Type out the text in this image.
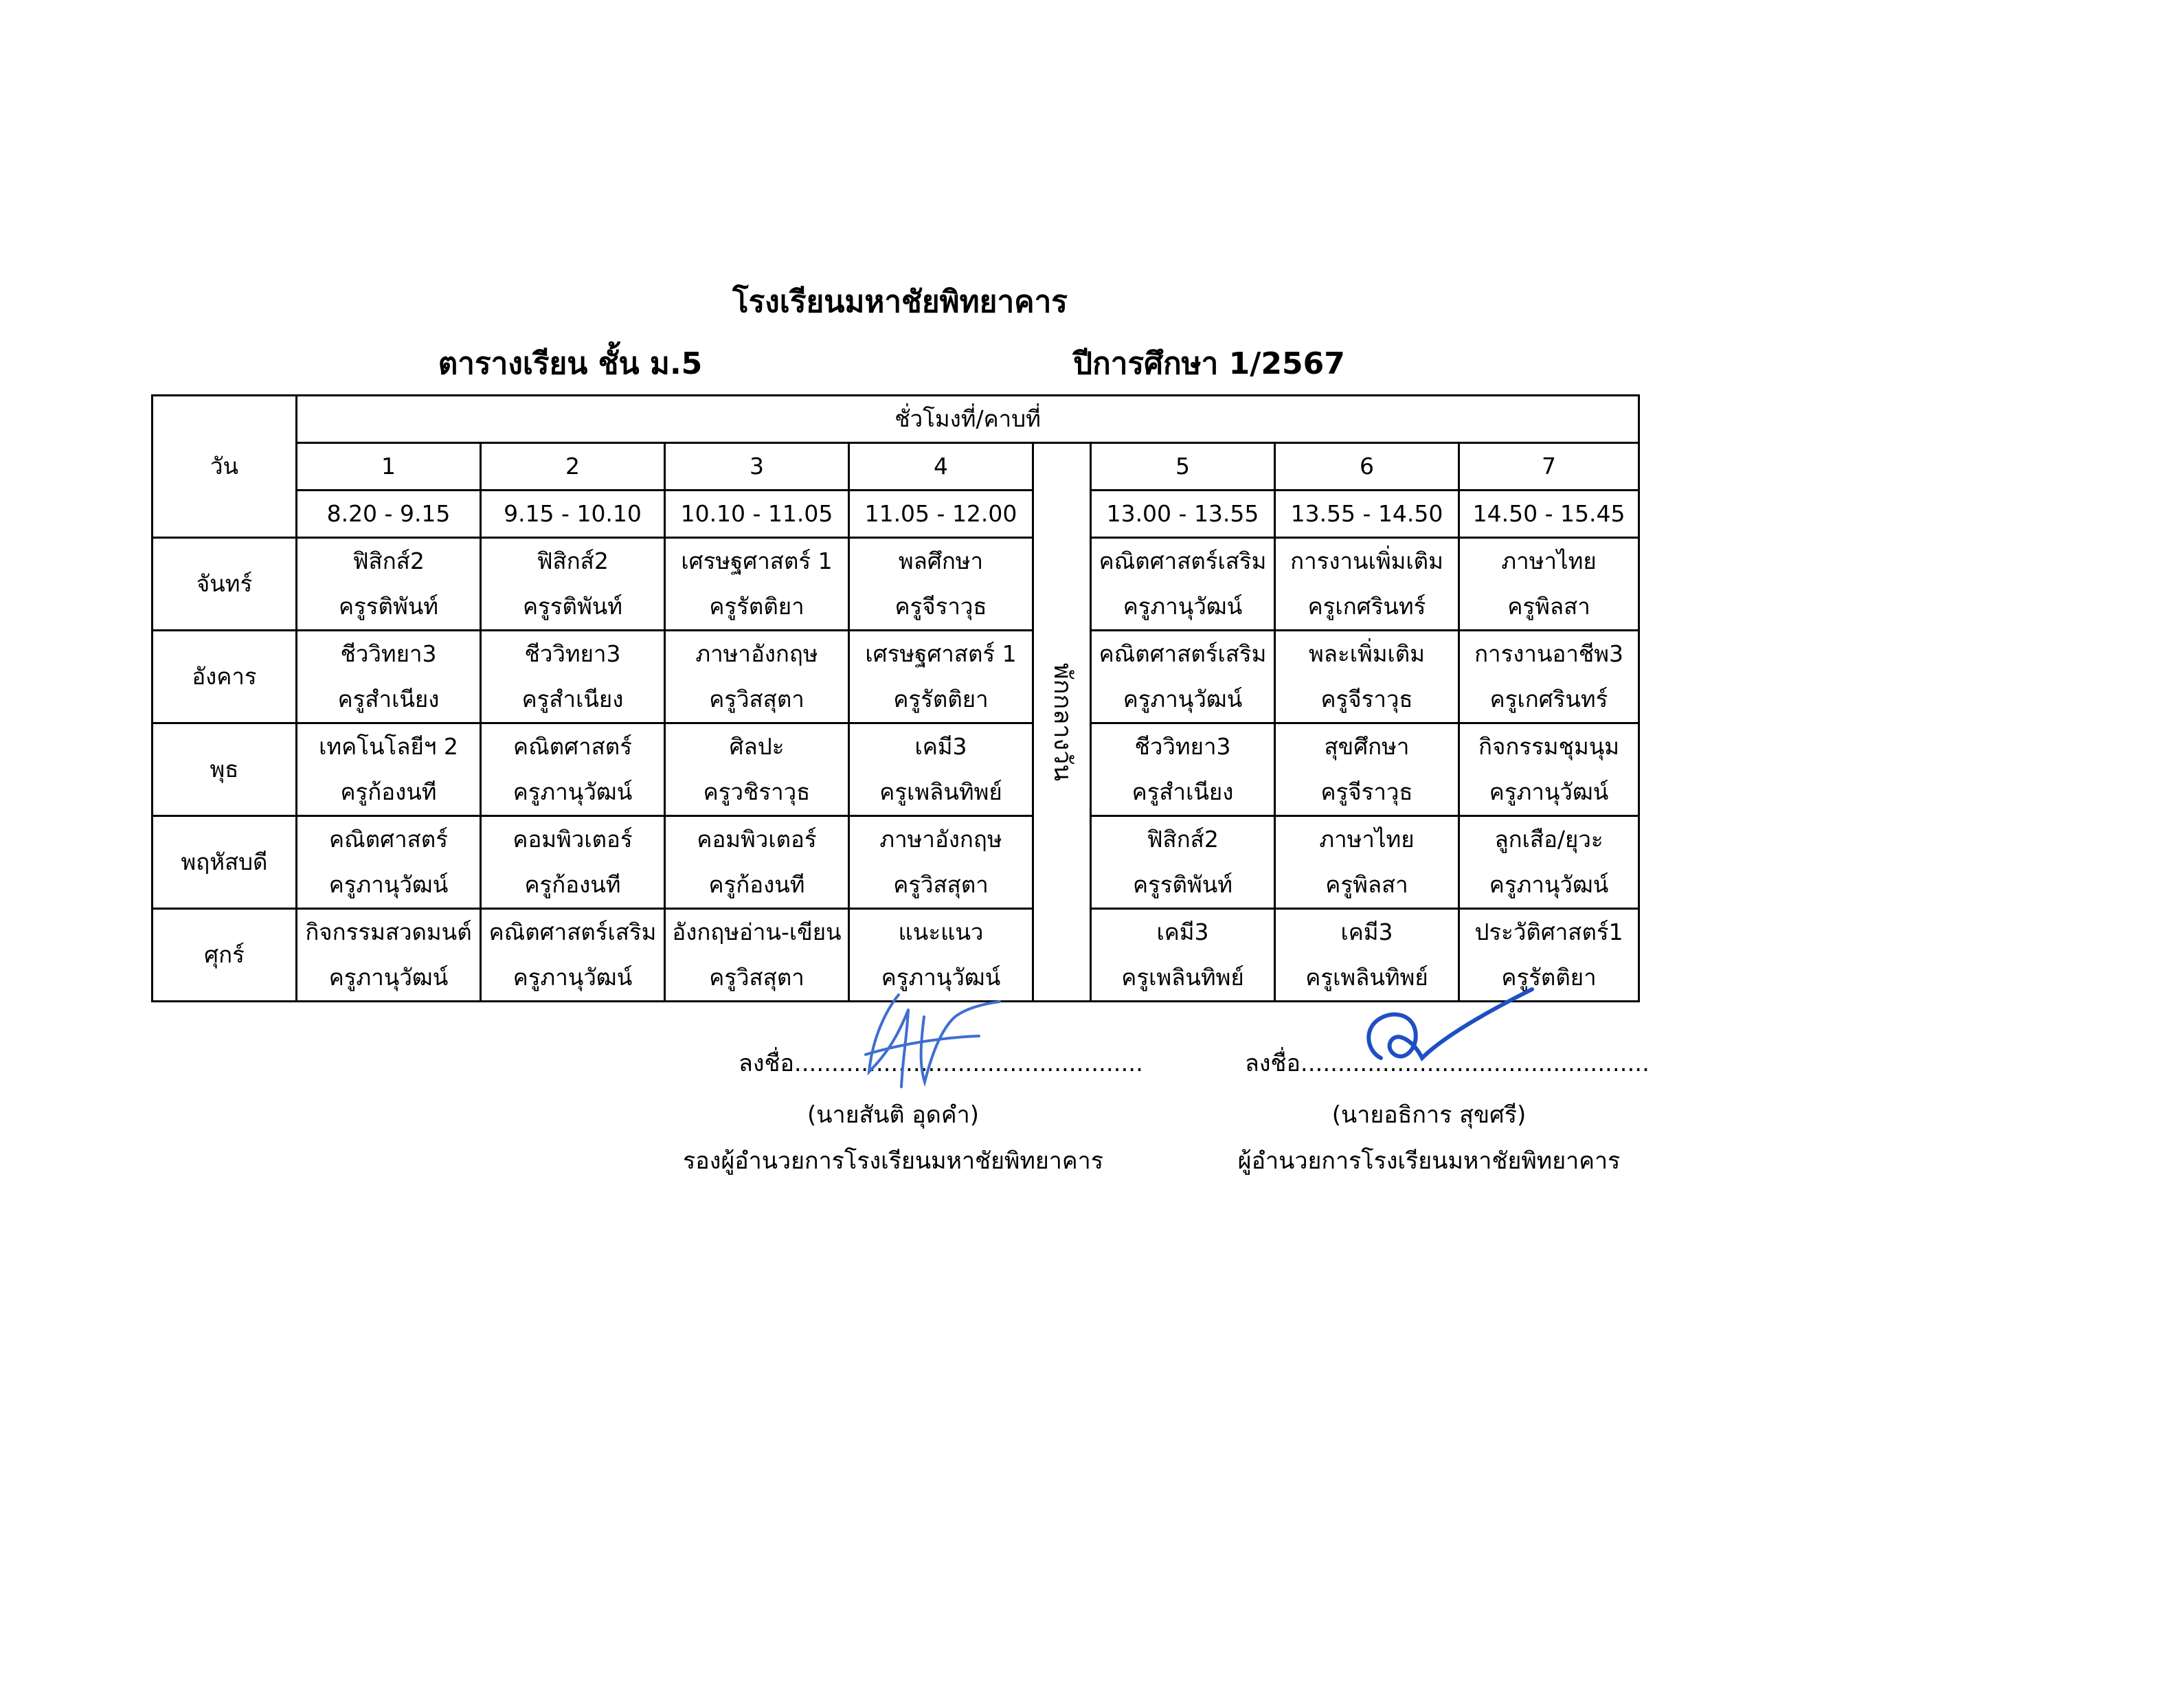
โรงเรียนมหาชัยพิทยาคาร
ตารางเรียน ชั้น ม.5	ปีการศึกษา 1/2567
วัน	ชั่วโมงที่/คาบที่							
	1	2	3	4	พักกลางวัน	5	6	7
	8.20 - 9.15	9.15 - 10.10	10.10 - 11.05	11.05 - 12.00		13.00 - 13.55	13.55 - 14.50	14.50 - 15.45
จันทร์	ฟิสิกส์2	ฟิสิกส์2	เศรษฐศาสตร์ 1	พลศึกษา		คณิตศาสตร์เสริม	การงานเพิ่มเติม	ภาษาไทย
	ครูรติพันท์	ครูรติพันท์	ครูรัตติยา	ครูจีราวุธ		ครูภานุวัฒน์	ครูเกศรินทร์	ครูพิลสา
อังคาร	ชีววิทยา3	ชีววิทยา3	ภาษาอังกฤษ	เศรษฐศาสตร์ 1		คณิตศาสตร์เสริม	พละเพิ่มเติม	การงานอาชีพ3
	ครูสำเนียง	ครูสำเนียง	ครูวิสสุตา	ครูรัตติยา		ครูภานุวัฒน์	ครูจีราวุธ	ครูเกศรินทร์
พุธ	เทคโนโลยีฯ 2	คณิตศาสตร์	ศิลปะ	เคมี3		ชีววิทยา3	สุขศึกษา	กิจกรรมชุมนุม
	ครูก้องนที	ครูภานุวัฒน์	ครูวชิราวุธ	ครูเพลินทิพย์		ครูสำเนียง	ครูจีราวุธ	ครูภานุวัฒน์
พฤหัสบดี	คณิตศาสตร์	คอมพิวเตอร์	คอมพิวเตอร์	ภาษาอังกฤษ		ฟิสิกส์2	ภาษาไทย	ลูกเสือ/ยุวะ
	ครูภานุวัฒน์	ครูก้องนที	ครูก้องนที	ครูวิสสุตา		ครูรติพันท์	ครูพิลสา	ครูภานุวัฒน์
ศุกร์	กิจกรรมสวดมนต์	คณิตศาสตร์เสริม	อังกฤษอ่าน-เขียน	แนะแนว		เคมี3	เคมี3	ประวัติศาสตร์1
	ครูภานุวัฒน์	ครูภานุวัฒน์	ครูวิสสุตา	ครูภานุวัฒน์		ครูเพลินทิพย์	ครูเพลินทิพย์	ครูรัตติยา
ลงชื่อ...............................................
(นายสันติ อุดคำ)
รองผู้อำนวยการโรงเรียนมหาชัยพิทยาคาร
ลงชื่อ...............................................
(นายอธิการ สุขศรี)
ผู้อำนวยการโรงเรียนมหาชัยพิทยาคาร
